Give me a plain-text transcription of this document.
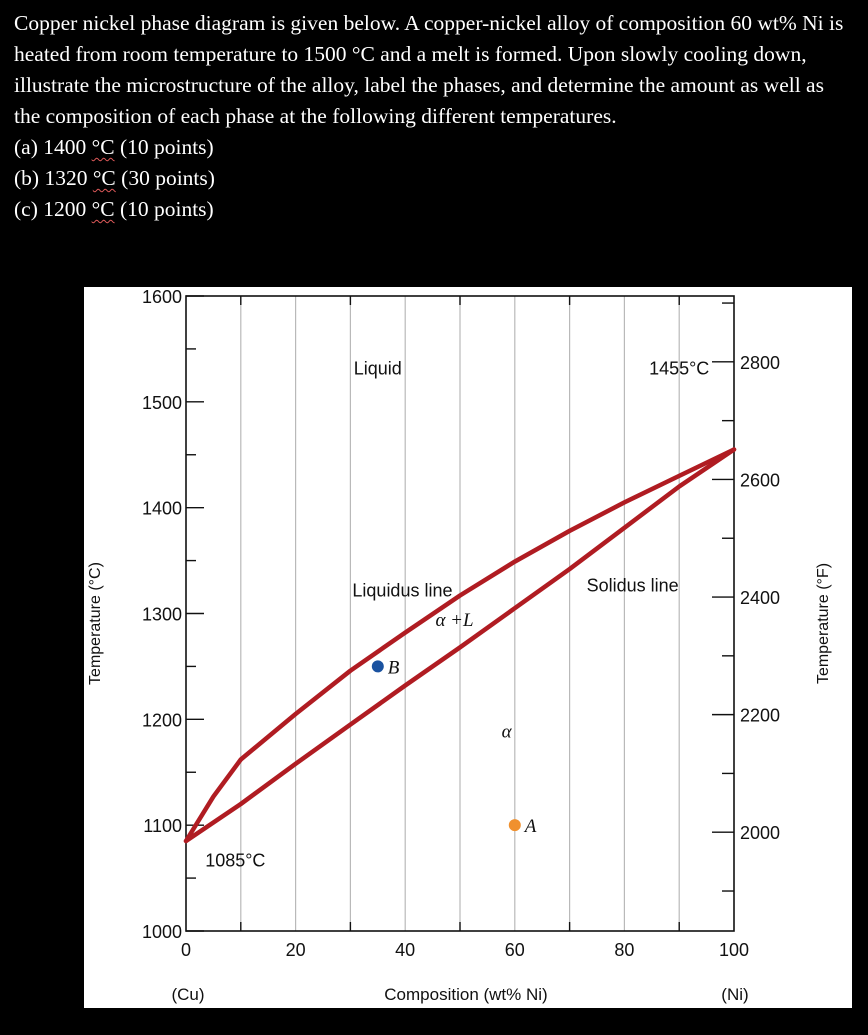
Copper nickel phase diagram is given below. A copper-nickel alloy of composition 60 wt% Ni is heated from room temperature to 1500 °C and a melt is formed. Upon slowly cooling down, illustrate the microstructure of the alloy, label the phases, and determine the amount as well as the composition of each phase at the following different temperatures.

(a) 1400 °C (10 points)
(b) 1320 °C (30 points)
(c) 1200 °C (10 points)
1000
1100
1200
1300
1400
1500
1600
2000
2200
2400
2600
2800
0	20	40	60	80	100
(Cu)	(Ni)
Composition (wt% Ni)
Temperature (°C)	Temperature (°F)
B
A
Liquid	1455°C
Liquidus line	Solidus line
α +L
α
1085°C
